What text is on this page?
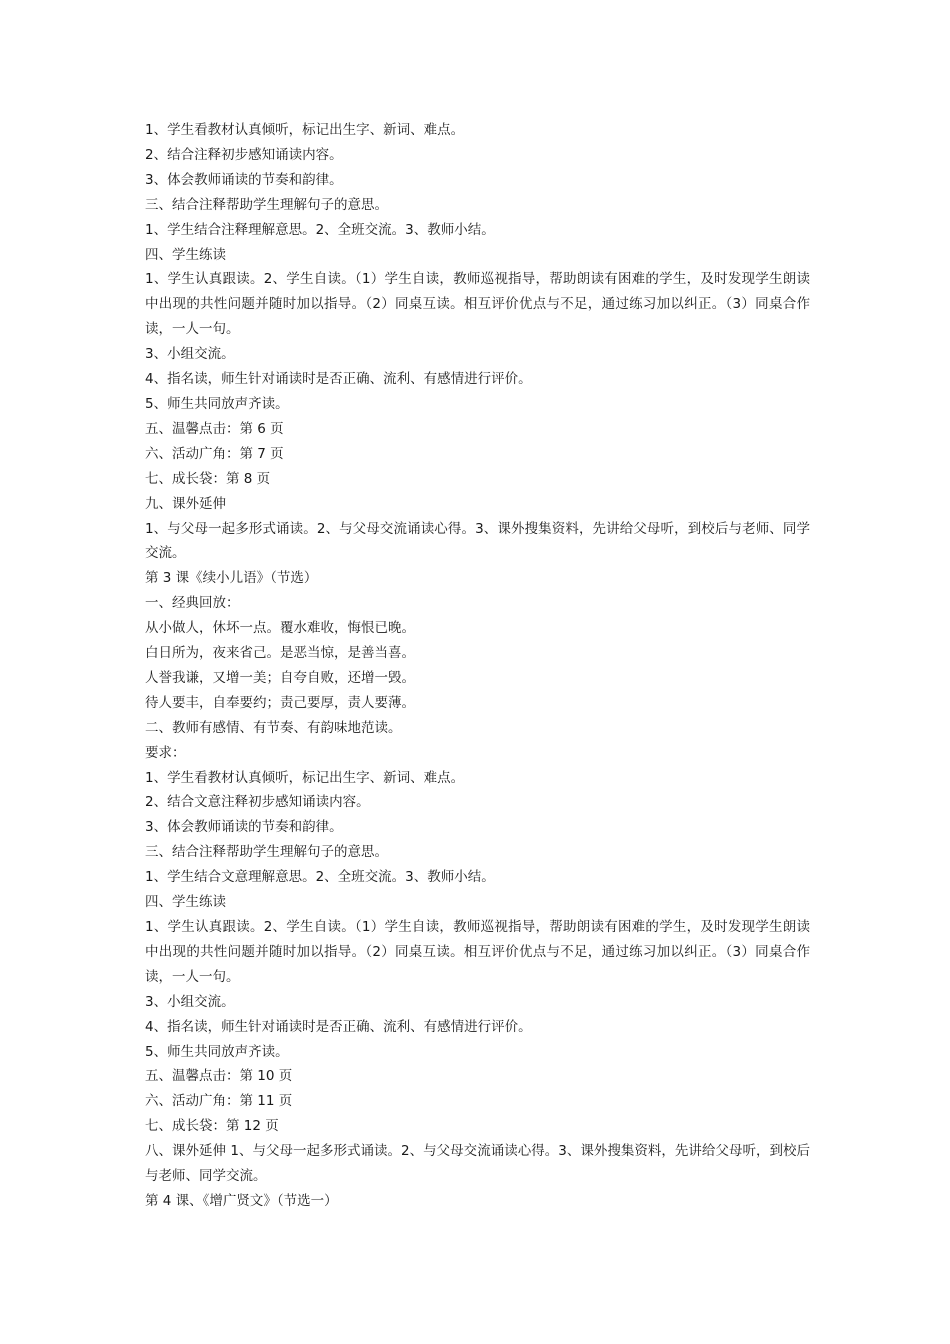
1、学生看教材认真倾听，标记出生字、新词、难点。

2、结合注释初步感知诵读内容。

3、体会教师诵读的节奏和韵律。

三、结合注释帮助学生理解句子的意思。

1、学生结合注释理解意思。2、全班交流。3、教师小结。

四、学生练读

1、学生认真跟读。2、学生自读。（1）学生自读，教师巡视指导，帮助朗读有困难的学生，及时发现学生朗读中出现的共性问题并随时加以指导。（2）同桌互读。相互评价优点与不足，通过练习加以纠正。（3）同桌合作读，一人一句。

3、小组交流。

4、指名读，师生针对诵读时是否正确、流利、有感情进行评价。

5、师生共同放声齐读。

五、温馨点击：第 6 页

六、活动广角：第 7 页

七、成长袋：第 8 页

九、课外延伸

1、与父母一起多形式诵读。2、与父母交流诵读心得。3、课外搜集资料，先讲给父母听，到校后与老师、同学交流。

第 3 课《续小儿语》（节选）

一、经典回放：

从小做人，休坏一点。覆水难收，悔恨已晚。

白日所为，夜来省己。是恶当惊，是善当喜。

人誉我谦，又增一美；自夸自败，还增一毁。

待人要丰，自奉要约；责己要厚，责人要薄。

二、教师有感情、有节奏、有韵味地范读。

要求：

1、学生看教材认真倾听，标记出生字、新词、难点。

2、结合文意注释初步感知诵读内容。

3、体会教师诵读的节奏和韵律。

三、结合注释帮助学生理解句子的意思。

1、学生结合文意理解意思。2、全班交流。3、教师小结。

四、学生练读

1、学生认真跟读。2、学生自读。（1）学生自读，教师巡视指导，帮助朗读有困难的学生，及时发现学生朗读中出现的共性问题并随时加以指导。（2）同桌互读。相互评价优点与不足，通过练习加以纠正。（3）同桌合作读，一人一句。

3、小组交流。

4、指名读，师生针对诵读时是否正确、流利、有感情进行评价。

5、师生共同放声齐读。

五、温馨点击：第 10 页

六、活动广角：第 11 页

七、成长袋：第 12 页

八、课外延伸 1、与父母一起多形式诵读。2、与父母交流诵读心得。3、课外搜集资料，先讲给父母听，到校后与老师、同学交流。

第 4 课、《增广贤文》（节选一）
